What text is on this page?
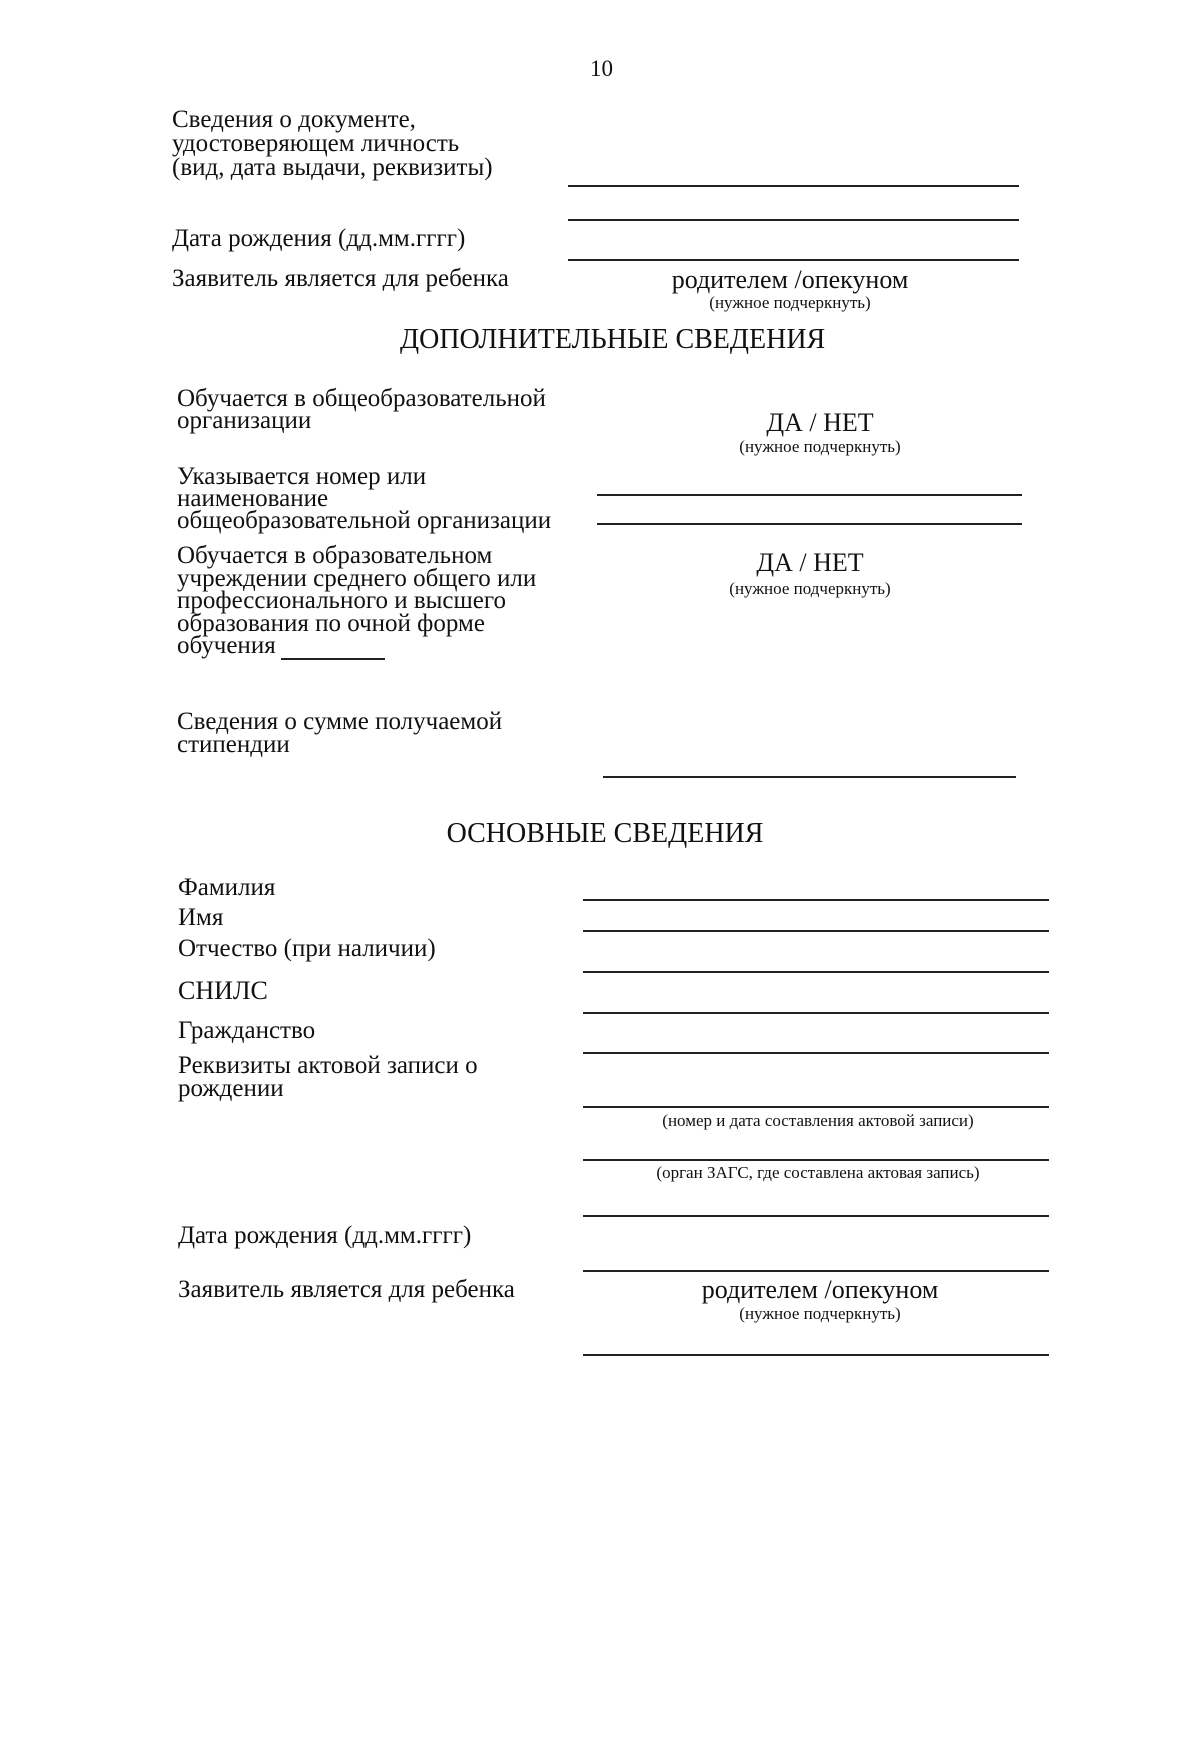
10
Сведения о документе,
удостоверяющем личность
(вид, дата выдачи, реквизиты)
Дата рождения (дд.мм.гггг)
Заявитель является для ребенка	родителем /опекуном
(нужное подчеркнуть)
ДОПОЛНИТЕЛЬНЫЕ СВЕДЕНИЯ
Обучается в общеобразовательной
организации	ДА / НЕТ
(нужное подчеркнуть)
Указывается номер или
наименование
общеобразовательной организации
Обучается в образовательном
учреждении среднего общего или
профессионального и высшего
образования по очной форме
обучения
ДА / НЕТ
(нужное подчеркнуть)
Сведения о сумме получаемой
стипендии
ОСНОВНЫЕ СВЕДЕНИЯ
Фамилия
Имя
Отчество (при наличии)
СНИЛС
Гражданство
Реквизиты актовой записи о
рождении
(номер и дата составления актовой записи)
(орган ЗАГС, где составлена актовая запись)
Дата рождения (дд.мм.гггг)
Заявитель является для ребенка	родителем /опекуном
(нужное подчеркнуть)
